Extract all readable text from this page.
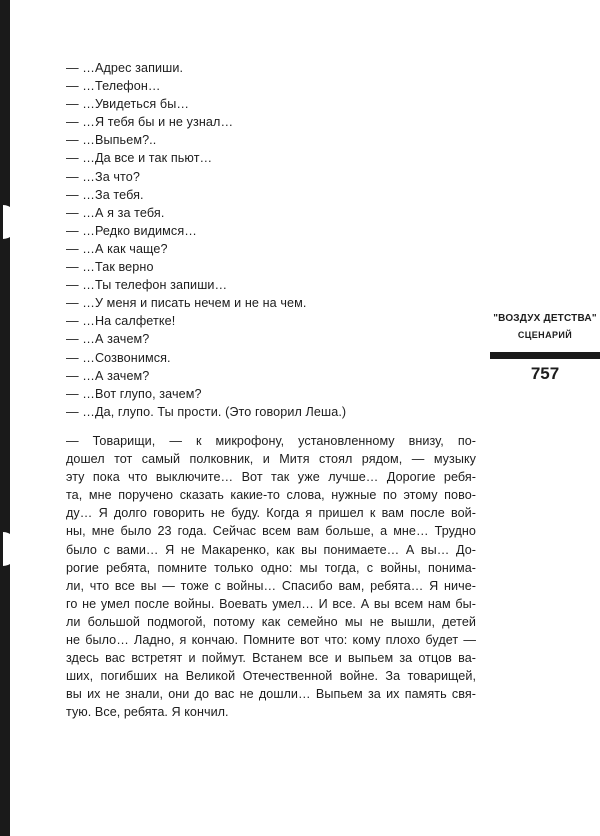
— …Адрес запиши.
— …Телефон…
— …Увидеться бы…
— …Я тебя бы и не узнал…
— …Выпьем?..
— …Да все и так пьют…
— …За что?
— …За тебя.
— …А я за тебя.
— …Редко видимся…
— …А как чаще?
— …Так верно
— …Ты телефон запиши…
— …У меня и писать нечем и не на чем.
— …На салфетке!
— …А зачем?
— …Созвонимся.
— …А зачем?
— …Вот глупо, зачем?
— …Да, глупо. Ты прости. (Это говорил Леша.)
— Товарищи, — к микрофону, установленному внизу, по-
дошел тот самый полковник, и Митя стоял рядом, — музыку
эту пока что выключите… Вот так уже лучше… Дорогие ребя-
та, мне поручено сказать какие-то слова, нужные по этому пово-
ду… Я долго говорить не буду. Когда я пришел к вам после вой-
ны, мне было 23 года. Сейчас всем вам больше, а мне… Трудно
было с вами… Я не Макаренко, как вы понимаете… А вы… До-
рогие ребята, помните только одно: мы тогда, с войны, понима-
ли, что все вы — тоже с войны… Спасибо вам, ребята… Я ниче-
го не умел после войны. Воевать умел… И все. А вы всем нам бы-
ли большой подмогой, потому как семейно мы не вышли, детей
не было… Ладно, я кончаю. Помните вот что: кому плохо будет —
здесь вас встретят и поймут. Встанем все и выпьем за отцов ва-
ших, погибших на Великой Отечественной войне. За товарищей,
вы их не знали, они до вас не дошли… Выпьем за их память свя-
тую. Все, ребята. Я кончил.
"ВОЗДУХ ДЕТСТВА"
СЦЕНАРИЙ
757
